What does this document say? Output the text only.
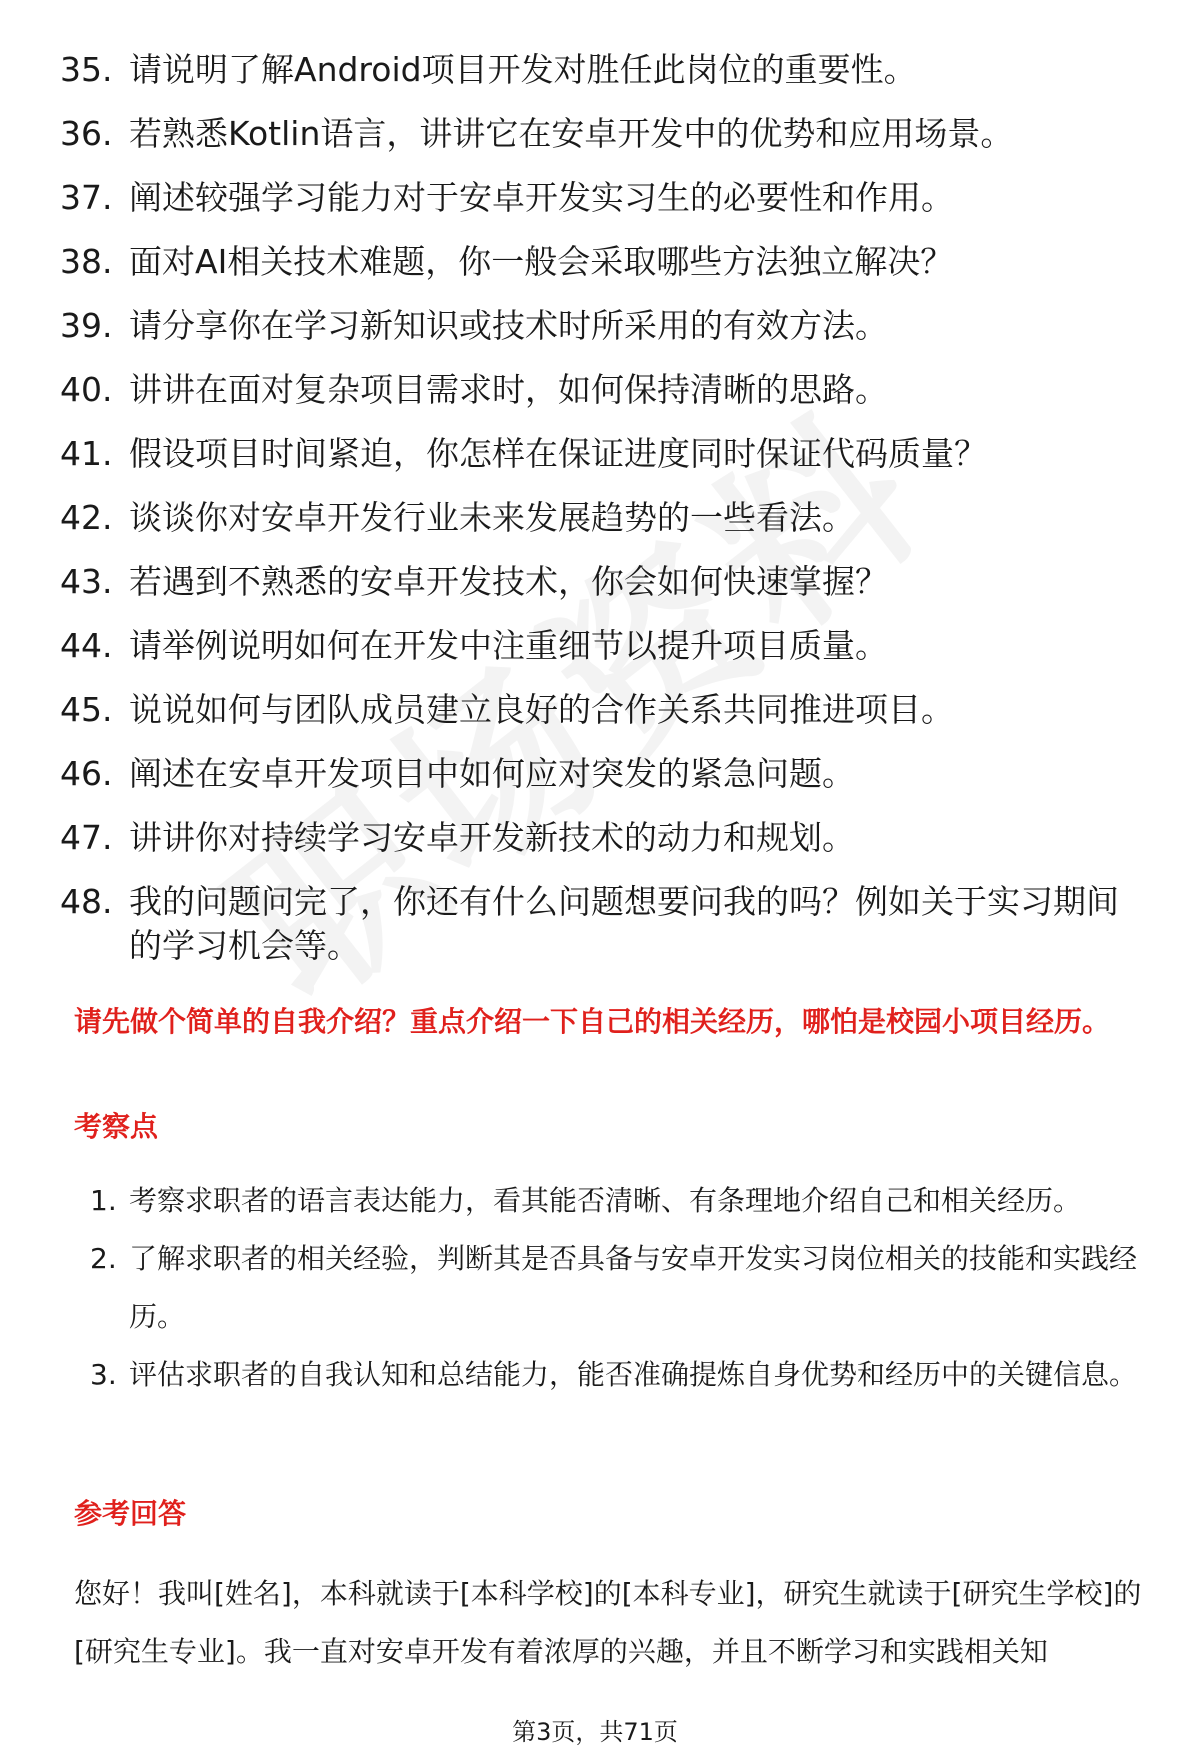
35. 请说明了解Android项目开发对胜任此岗位的重要性。
36. 若熟悉Kotlin语言，讲讲它在安卓开发中的优势和应用场景。
37. 阐述较强学习能力对于安卓开发实习生的必要性和作用。
38. 面对AI相关技术难题，你一般会采取哪些方法独立解决？
39. 请分享你在学习新知识或技术时所采用的有效方法。
40. 讲讲在面对复杂项目需求时，如何保持清晰的思路。
41. 假设项目时间紧迫，你怎样在保证进度同时保证代码质量？
42. 谈谈你对安卓开发行业未来发展趋势的一些看法。
43. 若遇到不熟悉的安卓开发技术，你会如何快速掌握？
44. 请举例说明如何在开发中注重细节以提升项目质量。
45. 说说如何与团队成员建立良好的合作关系共同推进项目。
46. 阐述在安卓开发项目中如何应对突发的紧急问题。
47. 讲讲你对持续学习安卓开发新技术的动力和规划。
48. 我的问题问完了，你还有什么问题想要问我的吗？例如关于实习期间的学习机会等。
请先做个简单的自我介绍？重点介绍一下自己的相关经历，哪怕是校园小项目经历。
考察点
1. 考察求职者的语言表达能力，看其能否清晰、有条理地介绍自己和相关经历。
2. 了解求职者的相关经验，判断其是否具备与安卓开发实习岗位相关的技能和实践经历。
3. 评估求职者的自我认知和总结能力，能否准确提炼自身优势和经历中的关键信息。
参考回答
您好！我叫[姓名]，本科就读于[本科学校]的[本科专业]，研究生就读于[研究生学校]的[研究生专业]。我一直对安卓开发有着浓厚的兴趣，并且不断学习和实践相关知
第3页，共71页
